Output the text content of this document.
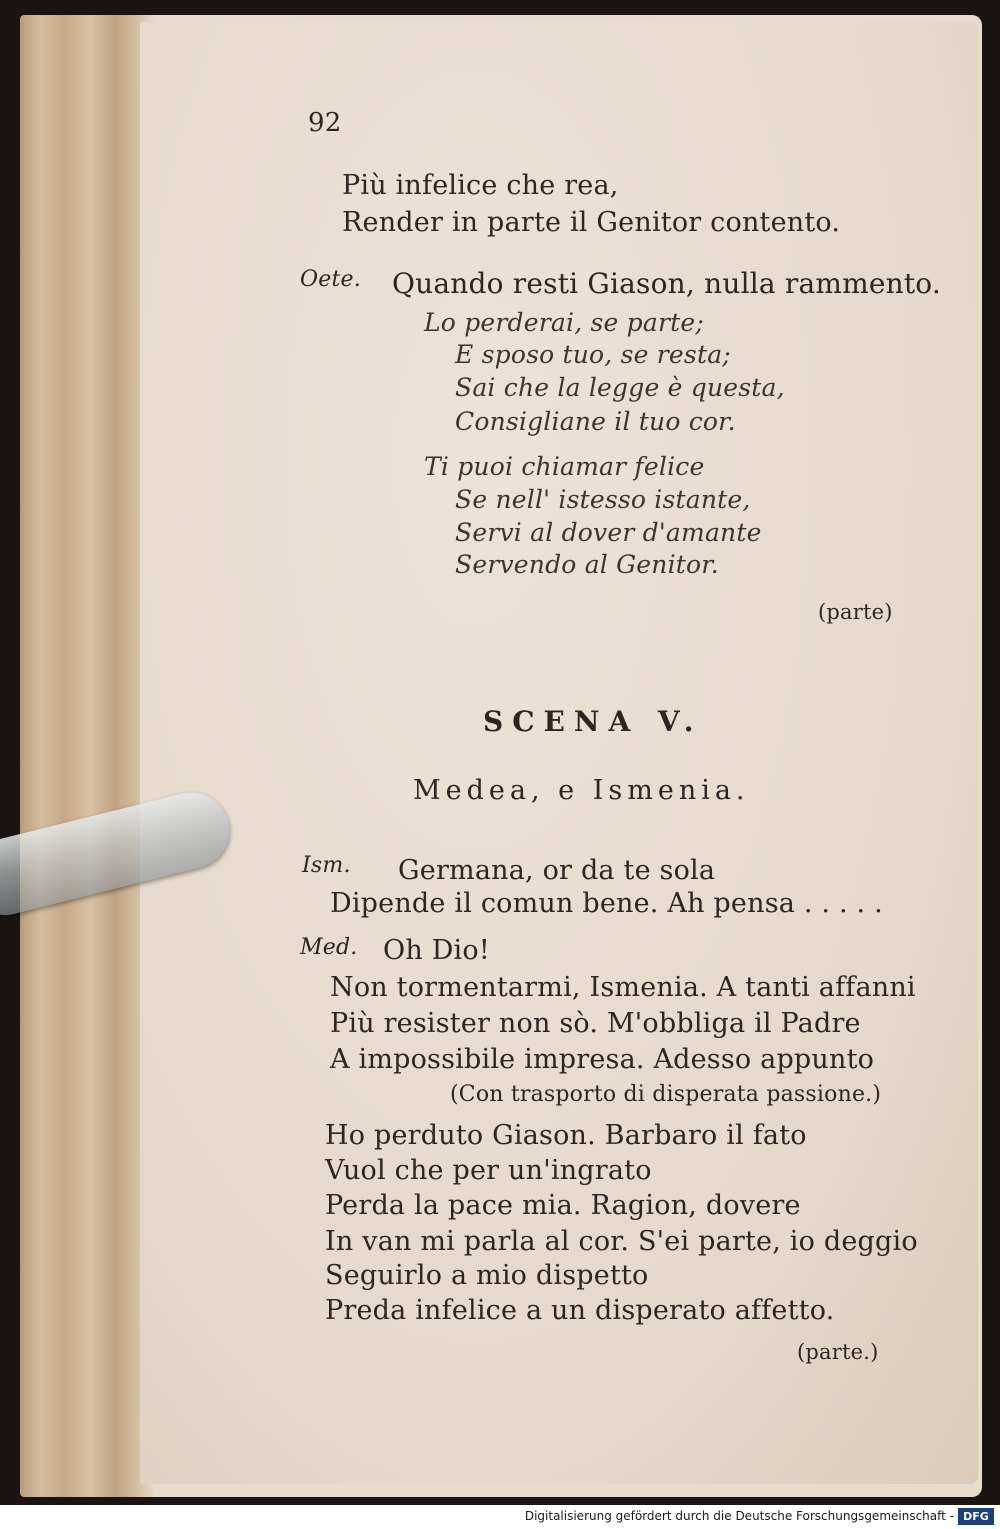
92
Più infelice che rea,
Render in parte il Genitor contento.
Oete. Quando resti Giason, nulla rammento.
Lo perderai, se parte;
E sposo tuo, se resta;
Sai che la legge è questa,
Consigliane il tuo cor.
Ti puoi chiamar felice
Se nell' istesso istante,
Servi al dover d'amante
Servendo al Genitor.
(parte)
SCENA V.
Medea, e Ismenia.
Ism. Germana, or da te sola
Dipende il comun bene. Ah pensa . . . . .
Med. Oh Dio!
Non tormentarmi, Ismenia. A tanti affanni
Più resister non sò. M'obbliga il Padre
A impossibile impresa. Adesso appunto
(Con trasporto di disperata passione.)
Ho perduto Giason. Barbaro il fato
Vuol che per un'ingrato
Perda la pace mia. Ragion, dovere
In van mi parla al cor. S'ei parte, io deggio
Seguirlo a mio dispetto
Preda infelice a un disperato affetto.
(parte.)
Digitalisierung gefördert durch die Deutsche Forschungsgemeinschaft - DFG
